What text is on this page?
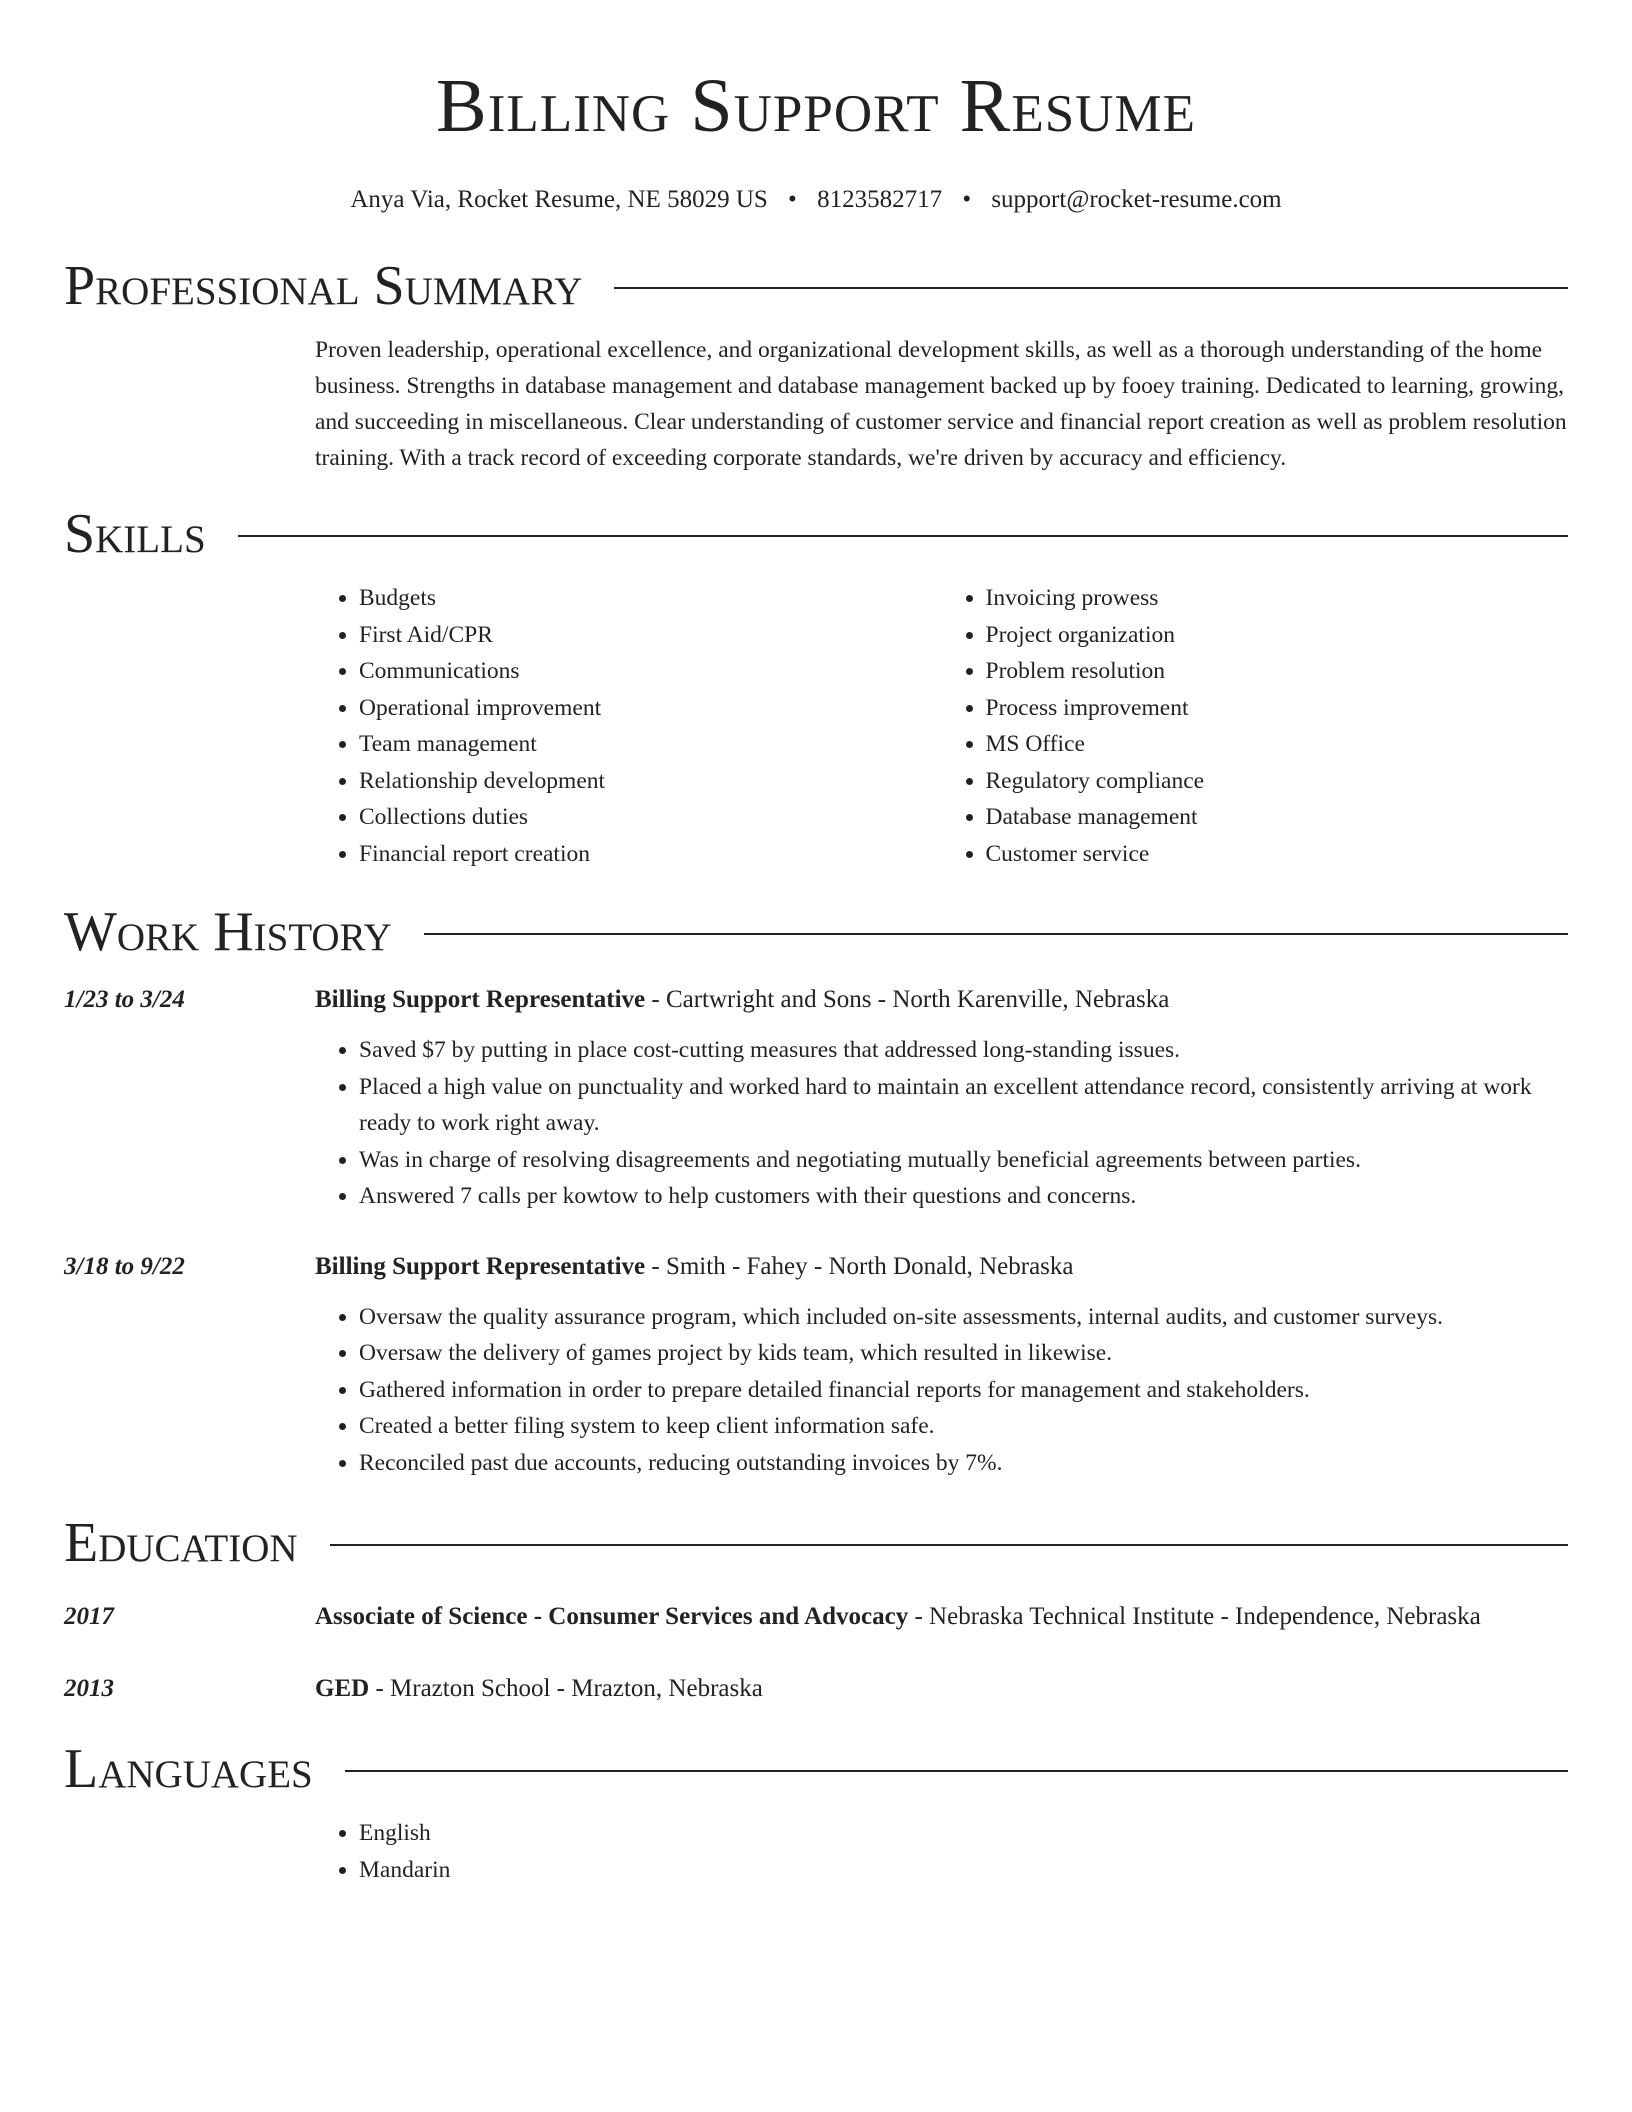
Billing Support Resume
Anya Via, Rocket Resume, NE 58029 US • 8123582717 • support@rocket-resume.com
Professional Summary
Proven leadership, operational excellence, and organizational development skills, as well as a thorough understanding of the home business. Strengths in database management and database management backed up by fooey training. Dedicated to learning, growing, and succeeding in miscellaneous. Clear understanding of customer service and financial report creation as well as problem resolution training. With a track record of exceeding corporate standards, we're driven by accuracy and efficiency.
Skills
• Budgets
• First Aid/CPR
• Communications
• Operational improvement
• Team management
• Relationship development
• Collections duties
• Financial report creation
• Invoicing prowess
• Project organization
• Problem resolution
• Process improvement
• MS Office
• Regulatory compliance
• Database management
• Customer service
Work History
1/23 to 3/24	Billing Support Representative - Cartwright and Sons - North Karenville, Nebraska
• Saved $7 by putting in place cost-cutting measures that addressed long-standing issues.
• Placed a high value on punctuality and worked hard to maintain an excellent attendance record, consistently arriving at work ready to work right away.
• Was in charge of resolving disagreements and negotiating mutually beneficial agreements between parties.
• Answered 7 calls per kowtow to help customers with their questions and concerns.
3/18 to 9/22	Billing Support Representative - Smith - Fahey - North Donald, Nebraska
• Oversaw the quality assurance program, which included on-site assessments, internal audits, and customer surveys.
• Oversaw the delivery of games project by kids team, which resulted in likewise.
• Gathered information in order to prepare detailed financial reports for management and stakeholders.
• Created a better filing system to keep client information safe.
• Reconciled past due accounts, reducing outstanding invoices by 7%.
Education
2017	Associate of Science - Consumer Services and Advocacy - Nebraska Technical Institute - Independence, Nebraska
2013	GED - Mrazton School - Mrazton, Nebraska
Languages
• English
• Mandarin
